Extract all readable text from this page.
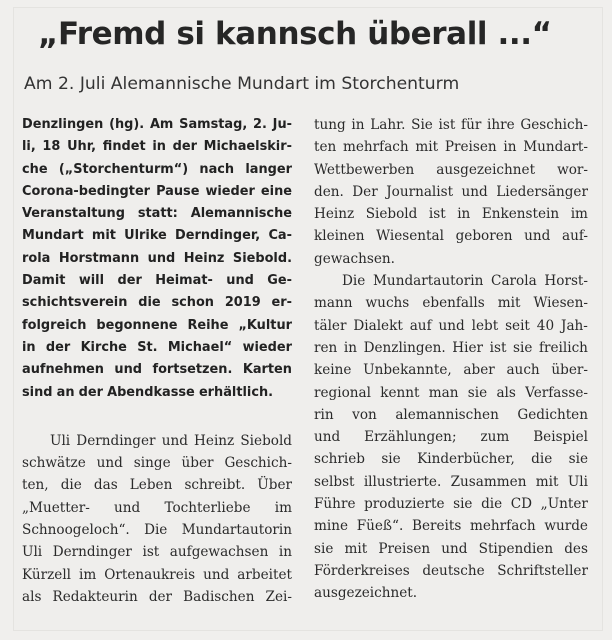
„Fremd si kannsch überall ...“
Am 2. Juli Alemannische Mundart im Storchenturm
Denzlingen (hg). Am Samstag, 2. Ju-
li, 18 Uhr, findet in der Michaelskir-
che („Storchenturm“) nach langer
Corona-bedingter Pause wieder eine
Veranstaltung statt: Alemannische
Mundart mit Ulrike Derndinger, Ca-
rola Horstmann und Heinz Siebold.
Damit will der Heimat- und Ge-
schichtsverein die schon 2019 er-
folgreich begonnene Reihe „Kultur
in der Kirche St. Michael“ wieder
aufnehmen und fortsetzen. Karten
sind an der Abendkasse erhältlich.
Uli Derndinger und Heinz Siebold
schwätze und singe über Geschich-
ten, die das Leben schreibt. Über
„Muetter- und Tochterliebe im
Schnoogeloch“. Die Mundartautorin
Uli Derndinger ist aufgewachsen in
Kürzell im Ortenaukreis und arbeitet
als Redakteurin der Badischen Zei-
tung in Lahr. Sie ist für ihre Geschich-
ten mehrfach mit Preisen in Mundart-
Wettbewerben ausgezeichnet wor-
den. Der Journalist und Liedersänger
Heinz Siebold ist in Enkenstein im
kleinen Wiesental geboren und auf-
gewachsen.
Die Mundartautorin Carola Horst-
mann wuchs ebenfalls mit Wiesen-
täler Dialekt auf und lebt seit 40 Jah-
ren in Denzlingen. Hier ist sie freilich
keine Unbekannte, aber auch über-
regional kennt man sie als Verfasse-
rin von alemannischen Gedichten
und Erzählungen; zum Beispiel
schrieb sie Kinderbücher, die sie
selbst illustrierte. Zusammen mit Uli
Führe produzierte sie die CD „Unter
mine Füeß“. Bereits mehrfach wurde
sie mit Preisen und Stipendien des
Förderkreises deutsche Schriftsteller
ausgezeichnet.
